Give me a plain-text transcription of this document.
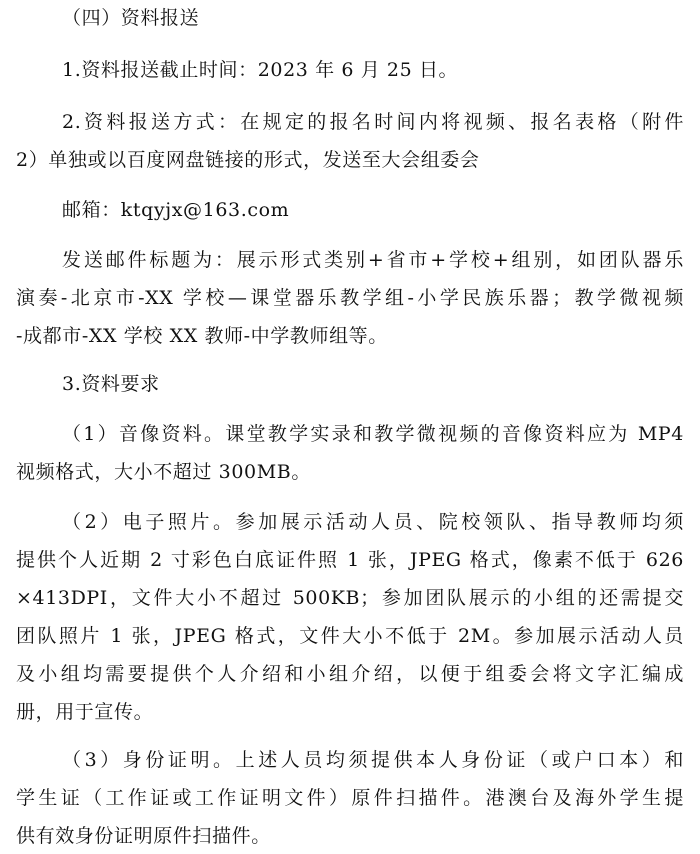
（四）资料报送
1.资料报送截止时间：2023 年 6 月 25 日。
2.资料报送方式：在规定的报名时间内将视频、报名表格（附件
2）单独或以百度网盘链接的形式，发送至大会组委会
邮箱：ktqyjx@163.com
发送邮件标题为：展示形式类别+省市+学校+组别，如团队器乐
演奏-北京市-XX 学校—课堂器乐教学组-小学民族乐器；教学微视频
-成都市-XX 学校 XX 教师-中学教师组等。
3.资料要求
（1）音像资料。课堂教学实录和教学微视频的音像资料应为 MP4
视频格式，大小不超过 300MB。
（2）电子照片。参加展示活动人员、院校领队、指导教师均须
提供个人近期 2 寸彩色白底证件照 1 张，JPEG 格式，像素不低于 626
×413DPI，文件大小不超过 500KB；参加团队展示的小组的还需提交
团队照片 1 张，JPEG 格式，文件大小不低于 2M。参加展示活动人员
及小组均需要提供个人介绍和小组介绍，以便于组委会将文字汇编成
册，用于宣传。
（3）身份证明。上述人员均须提供本人身份证（或户口本）和
学生证（工作证或工作证明文件）原件扫描件。港澳台及海外学生提
供有效身份证明原件扫描件。
